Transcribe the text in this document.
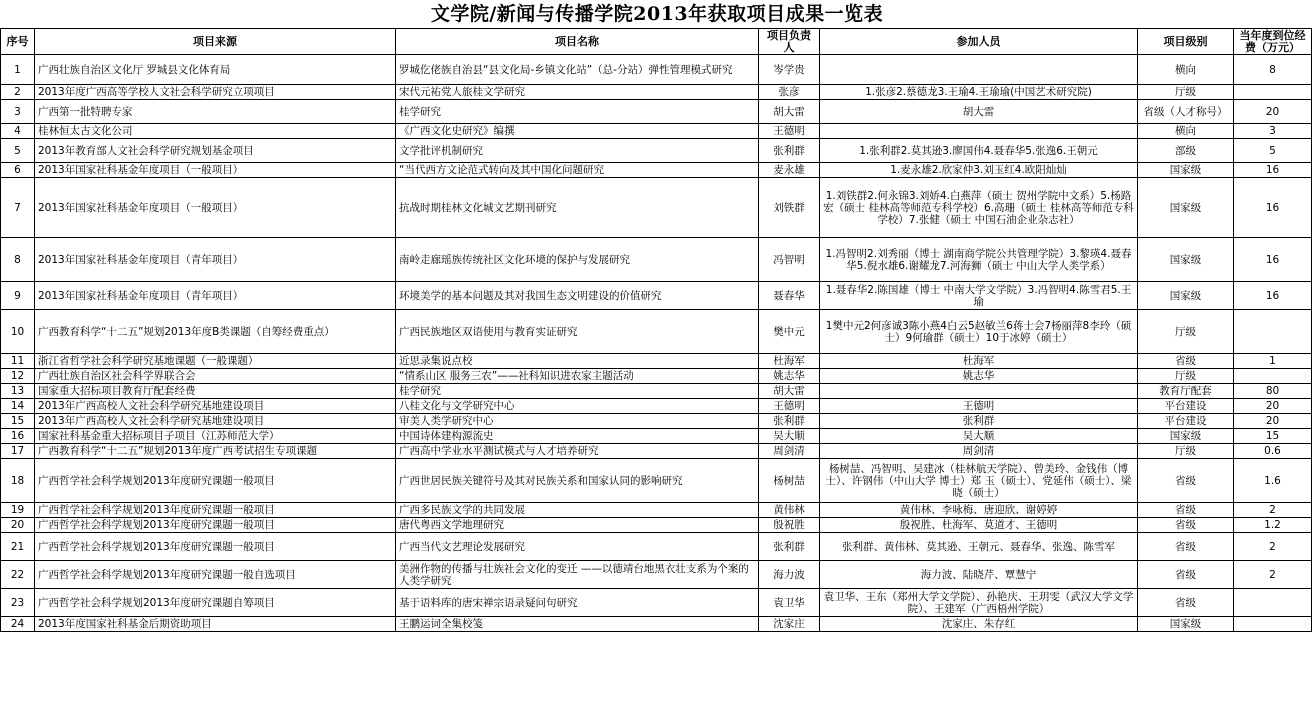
文学院/新闻与传播学院2013年获取项目成果一览表
序号	项目来源	项目名称	项目负责人	参加人员	项目级别	当年度到位经费（万元）
1	广西壮族自治区文化厅 罗城县文化体育局	罗城仡佬族自治县“县文化局-乡镇文化站”（总-分站）弹性管理模式研究	岑学贵		横向	8
2	2013年度广西高等学校人文社会科学研究立项项目	宋代元祐党人旅桂文学研究	张彦	1.张彦2.蔡德龙3.王瑜4.王瑜瑜(中国艺术研究院)	厅级	
3	广西第一批特聘专家	桂学研究	胡大雷	胡大雷	省级（人才称号）	20
4	桂林恒太古文化公司	《广西文化史研究》编撰	王德明		横向	3
5	2013年教育部人文社会科学研究规划基金项目	文学批评机制研究	张利群	1.张利群2.莫其逊3.廖国伟4.聂春华5.张逸6.王朝元	部级	5
6	2013年国家社科基金年度项目（一般项目）	“当代西方文论范式转向及其中国化问题研究	麦永雄	1.麦永雄2.欣家仲3.刘玉红4.欧阳灿灿	国家级	16
7	2013年国家社科基金年度项目（一般项目）	抗战时期桂林文化城文艺期刊研究	刘铁群	1.刘铁群2.何永锦3.刘娇4.白燕萍（硕士 贺州学院中文系）5.杨路宏（硕士 桂林高等师范专科学校）6.高珊（硕士 桂林高等师范专科学校）7.张健（硕士 中国石油企业杂志社）	国家级	16
8	2013年国家社科基金年度项目（青年项目）	南岭走廊瑶族传统社区文化环境的保护与发展研究	冯智明	1.冯智明2.刘秀丽（博士 湖南商学院公共管理学院）3.黎瑛4.聂春华5.倪水雄6.谢耀龙7.河海狮（硕士 中山大学人类学系）	国家级	16
9	2013年国家社科基金年度项目（青年项目）	环境美学的基本问题及其对我国生态文明建设的价值研究	聂春华	1.聂春华2.陈国雄（博士 中南大学文学院）3.冯智明4.陈雪君5.王瑜	国家级	16
10	广西教育科学“十二五”规划2013年度B类课题（自筹经费重点）	广西民族地区双语使用与教育实证研究	樊中元	1樊中元2何彦诚3陈小燕4白云5赵敏兰6蒋士会7杨丽萍8李玲（硕士）9何瑜群（硕士）10于冰婷（硕士）	厅级	
11	浙江省哲学社会科学研究基地课题（一般课题）	近思录集说点校	杜海军	杜海军	省级	1
12	广西壮族自治区社会科学界联合会	“情系山区 服务三农”——社科知识进农家主题活动	姚志华	姚志华	厅级	
13	国家重大招标项目教育厅配套经费	桂学研究	胡大雷		教育厅配套	80
14	2013年广西高校人文社会科学研究基地建设项目	八桂文化与文学研究中心	王德明	王德明	平台建设	20
15	2013年广西高校人文社会科学研究基地建设项目	审美人类学研究中心	张利群	张利群	平台建设	20
16	国家社科基金重大招标项目子项目（江苏师范大学）	中国诗体建构源流史	吴大顺	吴大顺	国家级	15
17	广西教育科学“十二五”规划2013年度广西考试招生专项课题	广西高中学业水平测试模式与人才培养研究	周剑清	周剑清	厅级	0.6
18	广西哲学社会科学规划2013年度研究课题一般项目	广西世居民族关键符号及其对民族关系和国家认同的影响研究	杨树喆	杨树喆、冯智明、吴建冰（桂林航天学院）、曾美玲、金钱伟（博士）、许钢伟（中山大学 博士）郑 玉（硕士）、党延伟（硕士）、梁 晓（硕士）	省级	1.6
19	广西哲学社会科学规划2013年度研究课题一般项目	广西多民族文学的共同发展	黄伟林	黄伟林、李咏梅、唐迎欣、谢婷婷	省级	2
20	广西哲学社会科学规划2013年度研究课题一般项目	唐代粤西文学地理研究	殷祝胜	殷祝胜、杜海军、莫道才、王德明	省级	1.2
21	广西哲学社会科学规划2013年度研究课题一般项目	广西当代文艺理论发展研究	张利群	张利群、黄伟林、莫其逊、王朝元、聂春华、张逸、陈雪军	省级	2
22	广西哲学社会科学规划2013年度研究课题一般自选项目	美洲作物的传播与壮族社会文化的变迁 ——以德靖台地黑衣壮支系为个案的人类学研究	海力波	海力波、陆晓芹、覃慧宁	省级	2
23	广西哲学社会科学规划2013年度研究课题自筹项目	基于语料库的唐宋禅宗语录疑问句研究	袁卫华	袁卫华、王东（郑州大学文学院）、孙艳庆、王玥雯（武汉大学文学院）、王建军（广西梧州学院）	省级	
24	2013年度国家社科基金后期资助项目	王鹏运词全集校笺	沈家庄	沈家庄、朱存红	国家级	
